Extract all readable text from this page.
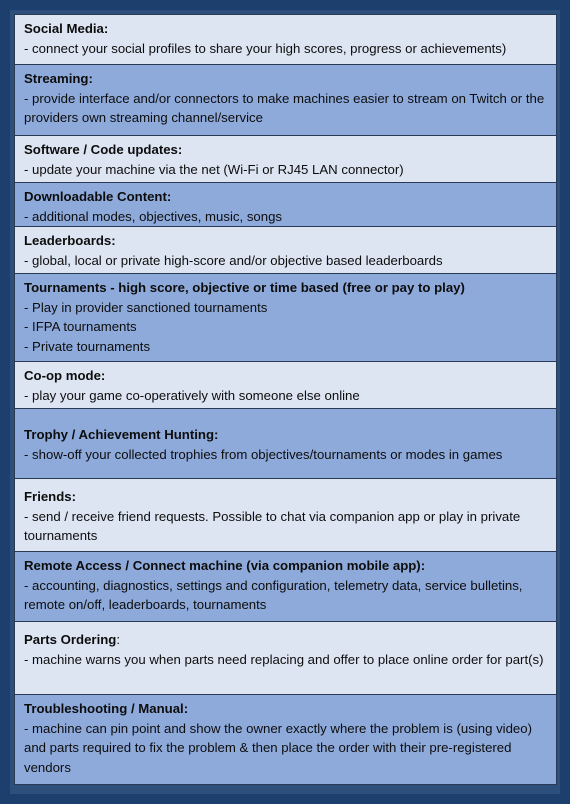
Social Media:
- connect your social profiles to share your high scores, progress or achievements)
Streaming:
- provide interface and/or connectors to make machines easier to stream on Twitch or the providers own streaming channel/service
Software / Code updates:
- update your machine via the net (Wi-Fi or RJ45 LAN connector)
Downloadable Content:
- additional modes, objectives, music, songs
Leaderboards:
- global, local or private high-score and/or objective based leaderboards
Tournaments - high score, objective or time based (free or pay to play)
- Play in provider sanctioned tournaments
- IFPA tournaments
- Private tournaments
Co-op mode:
- play your game co-operatively with someone else online
Trophy / Achievement Hunting:
- show-off your collected trophies from objectives/tournaments or modes in games
Friends:
- send / receive friend requests. Possible to chat via companion app or play in private tournaments
Remote Access / Connect machine (via companion mobile app):
- accounting, diagnostics, settings and configuration, telemetry data, service bulletins, remote on/off, leaderboards, tournaments
Parts Ordering:
- machine warns you when parts need replacing and offer to place online order for part(s)
Troubleshooting / Manual:
- machine can pin point and show the owner exactly where the problem is (using video) and parts required to fix the problem & then place the order with their pre-registered vendors
